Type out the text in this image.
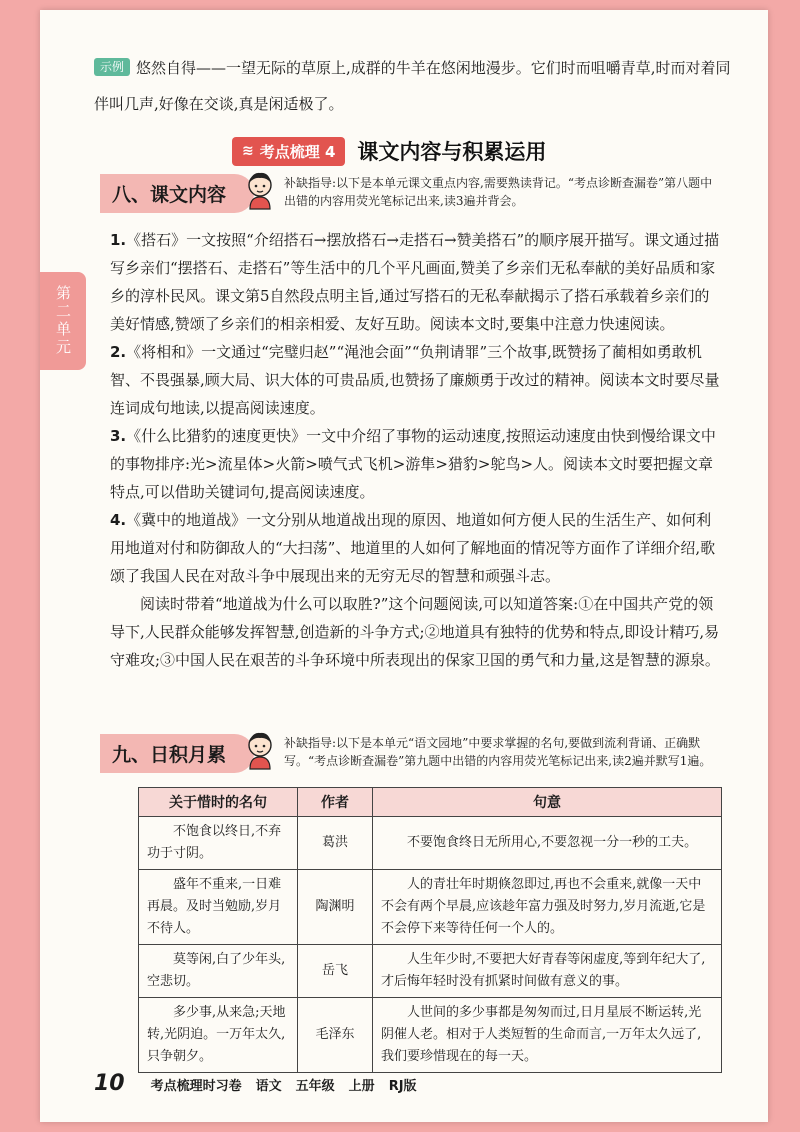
第二单元
示例 悠然自得——一望无际的草原上,成群的牛羊在悠闲地漫步。它们时而咀嚼青草,时而对着同伴叫几声,好像在交谈,真是闲适极了。
≋ 考点梳理 4 课文内容与积累运用
八、课文内容
补缺指导:以下是本单元课文重点内容,需要熟读背记。“考点诊断查漏卷”第八题中出错的内容用荧光笔标记出来,读3遍并背会。
1.《搭石》一文按照“介绍搭石→摆放搭石→走搭石→赞美搭石”的顺序展开描写。课文通过描写乡亲们“摆搭石、走搭石”等生活中的几个平凡画面,赞美了乡亲们无私奉献的美好品质和家乡的淳朴民风。课文第5自然段点明主旨,通过写搭石的无私奉献揭示了搭石承载着乡亲们的美好情感,赞颂了乡亲们的相亲相爱、友好互助。阅读本文时,要集中注意力快速阅读。
2.《将相和》一文通过“完璧归赵”“渑池会面”“负荆请罪”三个故事,既赞扬了蔺相如勇敢机智、不畏强暴,顾大局、识大体的可贵品质,也赞扬了廉颇勇于改过的精神。阅读本文时要尽量连词成句地读,以提高阅读速度。
3.《什么比猎豹的速度更快》一文中介绍了事物的运动速度,按照运动速度由快到慢给课文中的事物排序:光>流星体>火箭>喷气式飞机>游隼>猎豹>鸵鸟>人。阅读本文时要把握文章特点,可以借助关键词句,提高阅读速度。
4.《冀中的地道战》一文分别从地道战出现的原因、地道如何方便人民的生活生产、如何利用地道对付和防御敌人的“大扫荡”、地道里的人如何了解地面的情况等方面作了详细介绍,歌颂了我国人民在对敌斗争中展现出来的无穷无尽的智慧和顽强斗志。
阅读时带着“地道战为什么可以取胜?”这个问题阅读,可以知道答案:①在中国共产党的领导下,人民群众能够发挥智慧,创造新的斗争方式;②地道具有独特的优势和特点,即设计精巧,易守难攻;③中国人民在艰苦的斗争环境中所表现出的保家卫国的勇气和力量,这是智慧的源泉。
九、日积月累
补缺指导:以下是本单元“语文园地”中要求掌握的名句,要做到流利背诵、正确默写。“考点诊断查漏卷”第九题中出错的内容用荧光笔标记出来,读2遍并默写1遍。
关于惜时的名句	作者	句意
不饱食以终日,不弃功于寸阴。	葛洪	不要饱食终日无所用心,不要忽视一分一秒的工夫。
盛年不重来,一日难再晨。及时当勉励,岁月不待人。	陶渊明	人的青壮年时期倏忽即过,再也不会重来,就像一天中不会有两个早晨,应该趁年富力强及时努力,岁月流逝,它是不会停下来等待任何一个人的。
莫等闲,白了少年头,空悲切。	岳飞	人生年少时,不要把大好青春等闲虚度,等到年纪大了,才后悔年轻时没有抓紧时间做有意义的事。
多少事,从来急;天地转,光阴迫。一万年太久,只争朝夕。	毛泽东	人世间的多少事都是匆匆而过,日月星辰不断运转,光阴催人老。相对于人类短暂的生命而言,一万年太久远了,我们要珍惜现在的每一天。
10 考点梳理时习卷 语文 五年级 上册 RJ版
